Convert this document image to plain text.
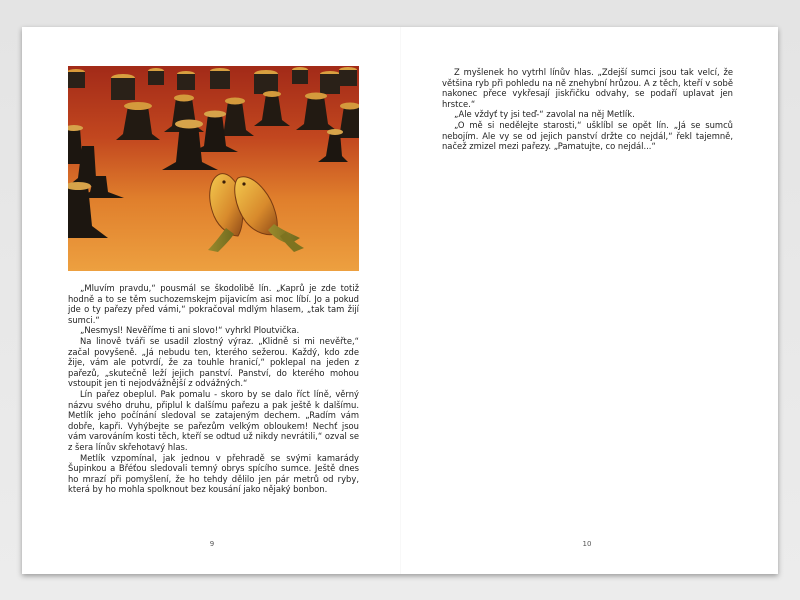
„Mluvím pravdu,“ pousmál se škodolibě lín. „Kaprů je zde totiž hodně a to se těm suchozemskejm pijavicím asi moc líbí. Jo a pokud jde o ty pařezy před vámi,“ pokračoval mdlým hlasem, „tak tam žijí sumci.“

„Nesmysl! Nevěříme ti ani slovo!“ vyhrkl Ploutvička.

Na linově tváři se usadil zlostný výraz. „Klidně si mi nevěřte,“ začal povyšeně. „Já nebudu ten, kterého sežerou. Každý, kdo zde žije, vám ale potvrdí, že za touhle hranicí,“ poklepal na jeden z pařezů, „skutečně leží jejich panství. Panství, do kterého mohou vstoupit jen ti nejodvážnější z odvážných.“

Lín pařez obeplul. Pak pomalu - skoro by se dalo říct líně, věrný názvu svého druhu, připlul k dalšímu pařezu a pak ještě k dalšímu. Metlík jeho počínání sledoval se zatajeným dechem. „Radím vám dobře, kapři. Vyhýbejte se pařezům velkým obloukem! Nechť jsou vám varováním kosti těch, kteří se odtud už nikdy nevrátili,“ ozval se z šera línův skřehotavý hlas.

Metlík vzpomínal, jak jednou v přehradě se svými kamarády Šupinkou a Břéťou sledovali temný obrys spícího sumce. Ještě dnes ho mrazí při pomyšlení, že ho tehdy dělilo jen pár metrů od ryby, která by ho mohla spolknout bez kousání jako nějaký bonbon.

Z myšlenek ho vytrhl línův hlas. „Zdejší sumci jsou tak velcí, že většina ryb při pohledu na ně znehybní hrůzou. A z těch, kteří v sobě nakonec přece vykřesají jiskřičku odvahy, se podaří uplavat jen hrstce.“

„Ale vždyť ty jsi teď-“ zavolal na něj Metlík.

„O mě si nedělejte starosti,“ ušklíbl se opět lín. „Já se sumců nebojím. Ale vy se od jejich panství držte co nejdál,“ řekl tajemně, načež zmizel mezi pařezy. „Pamatujte, co nejdál...“

9	10
